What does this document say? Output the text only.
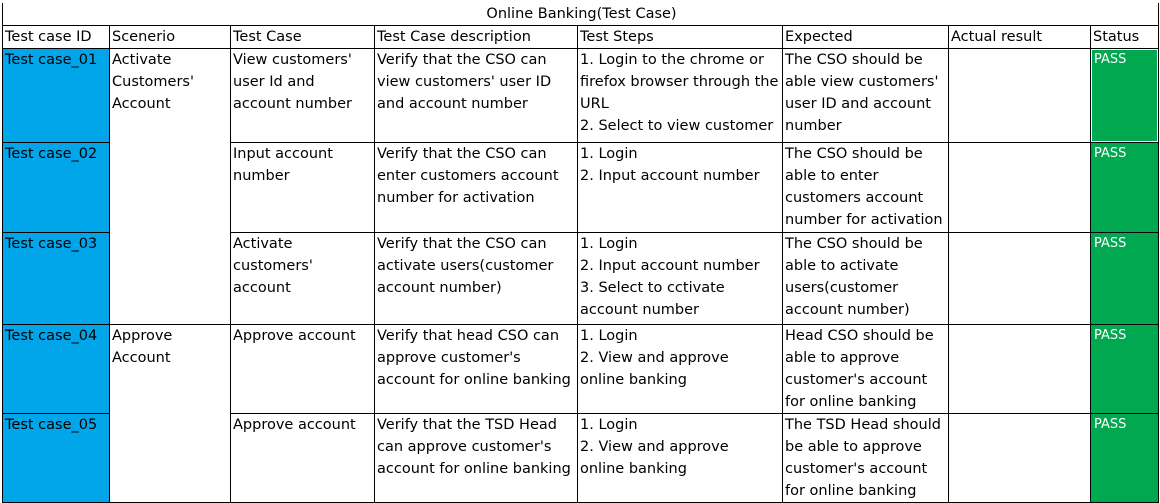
Online Banking(Test Case)							
Test case ID	Scenerio	Test Case	Test Case description	Test Steps	Expected	Actual result	Status
Test case_01	Activate
Customers'
Account	View customers'
user Id and
account number	Verify that the CSO can
view customers' user ID
and account number	1. Login to the chrome or
firefox browser through the
URL
2. Select to view customer	The CSO should be
able view customers'
user ID and account
number		PASS
Test case_02		Input account
number	Verify that the CSO can
enter customers account
number for activation	1. Login
2. Input account number	The CSO should be
able to enter
customers account
number for activation		PASS
Test case_03		Activate
customers'
account	Verify that the CSO can
activate users(customer
account number)	1. Login
2. Input account number
3. Select to cctivate
account number	The CSO should be
able to activate
users(customer
account number)		PASS
Test case_04	Approve
Account	Approve account	Verify that head CSO can
approve customer's
account for online banking	1. Login
2. View and approve
online banking	Head CSO should be
able to approve
customer's account
for online banking		PASS
Test case_05		Approve account	Verify that the TSD Head
can approve customer's
account for online banking	1. Login
2. View and approve
online banking	The TSD Head should
be able to approve
customer's account
for online banking		PASS
